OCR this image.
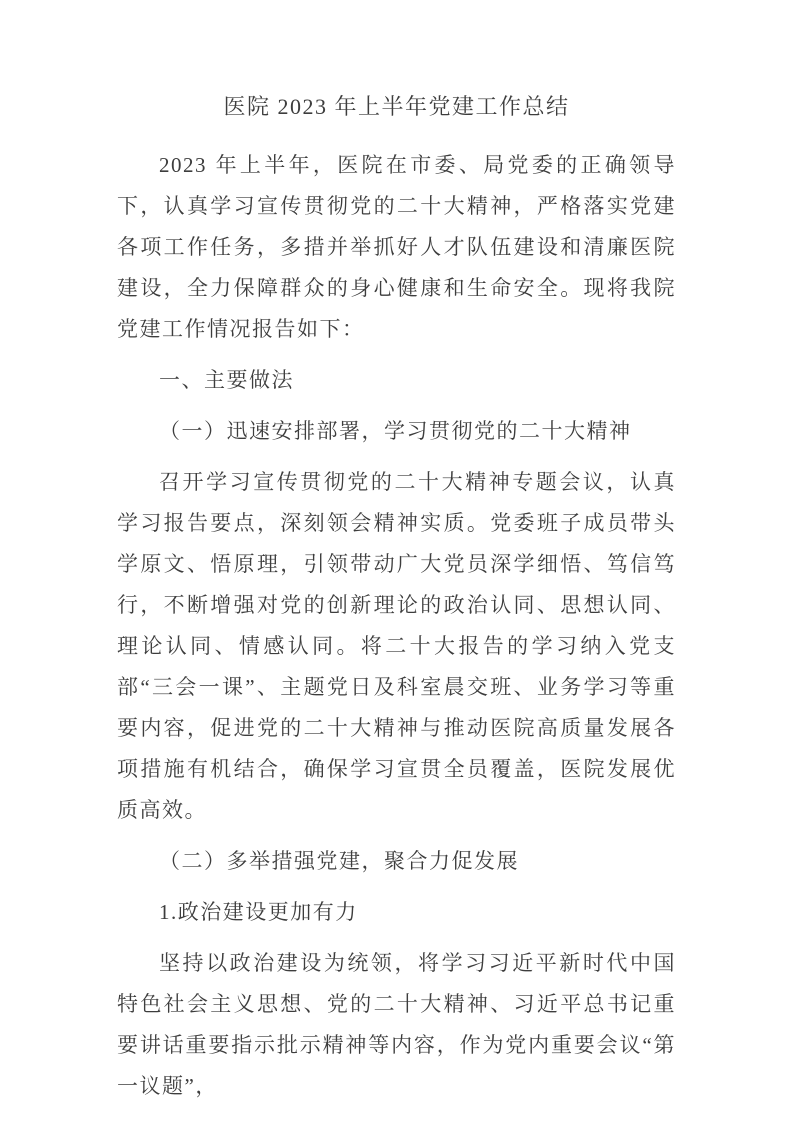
医院 2023 年上半年党建工作总结

2023 年上半年，医院在市委、局党委的正确领导下，认真学习宣传贯彻党的二十大精神，严格落实党建各项工作任务，多措并举抓好人才队伍建设和清廉医院建设，全力保障群众的身心健康和生命安全。现将我院党建工作情况报告如下：

一、主要做法
（一）迅速安排部署，学习贯彻党的二十大精神

召开学习宣传贯彻党的二十大精神专题会议，认真学习报告要点，深刻领会精神实质。党委班子成员带头学原文、悟原理，引领带动广大党员深学细悟、笃信笃行，不断增强对党的创新理论的政治认同、思想认同、理论认同、情感认同。将二十大报告的学习纳入党支部“三会一课”、主题党日及科室晨交班、业务学习等重要内容，促进党的二十大精神与推动医院高质量发展各项措施有机结合，确保学习宣贯全员覆盖，医院发展优质高效。

（二）多举措强党建，聚合力促发展
1.政治建设更加有力

坚持以政治建设为统领，将学习习近平新时代中国特色社会主义思想、党的二十大精神、习近平总书记重要讲话重要指示批示精神等内容，作为党内重要会议“第一议题”，
